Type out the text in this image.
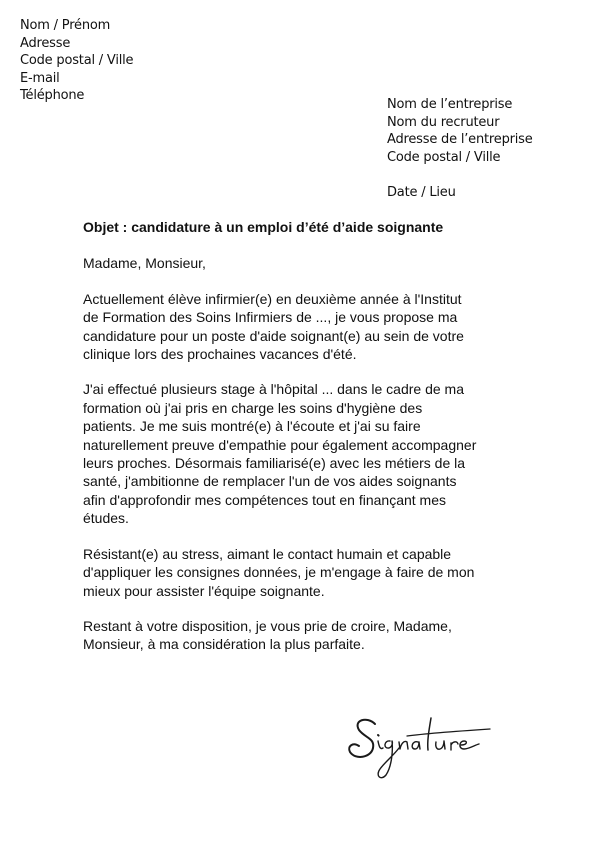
Nom / Prénom
Adresse
Code postal / Ville
E-mail
Téléphone
Nom de l’entreprise
Nom du recruteur
Adresse de l’entreprise
Code postal / Ville
Date / Lieu

Objet : candidature à un emploi d’été d’aide soignante

Madame, Monsieur,

Actuellement élève infirmier(e) en deuxième année à l'Institut
de Formation des Soins Infirmiers de ..., je vous propose ma
candidature pour un poste d'aide soignant(e) au sein de votre
clinique lors des prochaines vacances d'été.

J'ai effectué plusieurs stage à l'hôpital ... dans le cadre de ma
formation où j'ai pris en charge les soins d'hygiène des
patients. Je me suis montré(e) à l'écoute et j'ai su faire
naturellement preuve d'empathie pour également accompagner
leurs proches. Désormais familiarisé(e) avec les métiers de la
santé, j'ambitionne de remplacer l'un de vos aides soignants
afin d'approfondir mes compétences tout en finançant mes
études.

Résistant(e) au stress, aimant le contact humain et capable
d'appliquer les consignes données, je m'engage à faire de mon
mieux pour assister l'équipe soignante.

Restant à votre disposition, je vous prie de croire, Madame,
Monsieur, à ma considération la plus parfaite.
